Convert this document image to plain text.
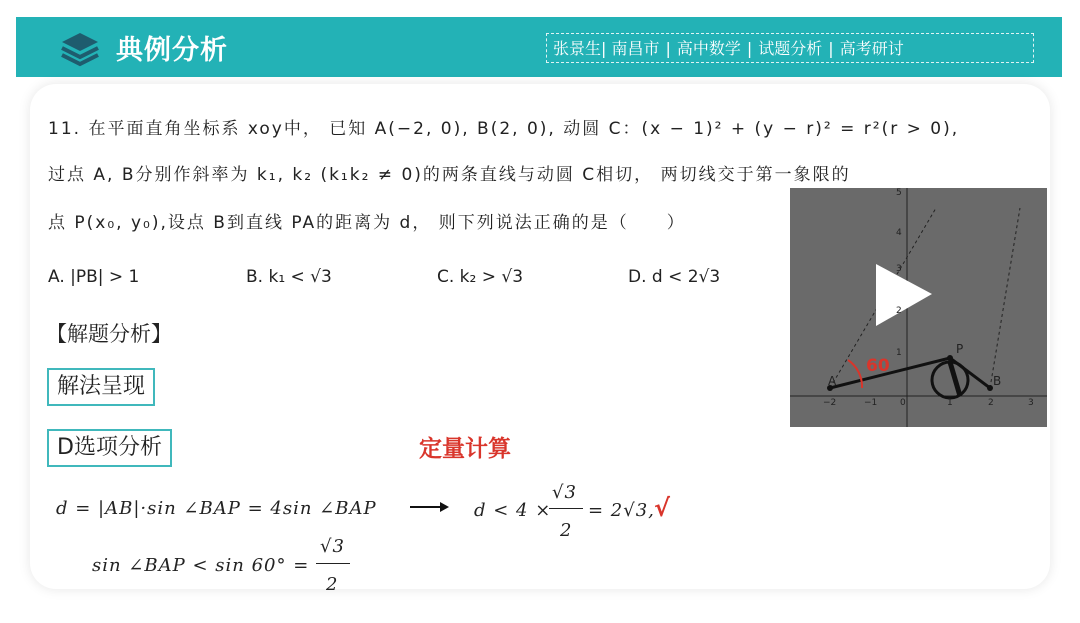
典例分析	张景生| 南昌市 | 高中数学 | 试题分析 | 高考研讨
11. 在平面直角坐标系 xoy中， 已知 A(−2, 0), B(2, 0), 动圆 C：(x − 1)² + (y − r)² = r²(r > 0),
过点 A, B分别作斜率为 k₁, k₂ (k₁k₂ ≠ 0)的两条直线与动圆 C相切， 两切线交于第一象限的
点 P(x₀, y₀),设点 B到直线 PA的距离为 d， 则下列说法正确的是（　　）
A. |PB| > 1	B. k₁ < √3	C. k₂ > √3	D. d < 2√3
【解题分析】
解法呈现
D选项分析	定量计算
d = |AB|·sin ∠BAP = 4sin ∠BAP	d < 4 ×
√3
2
= 2√3, √
sin ∠BAP < sin 60° =
√3
2
−2	−1	0	1	2	3
1
2
3
4
5
A	B
P
60
